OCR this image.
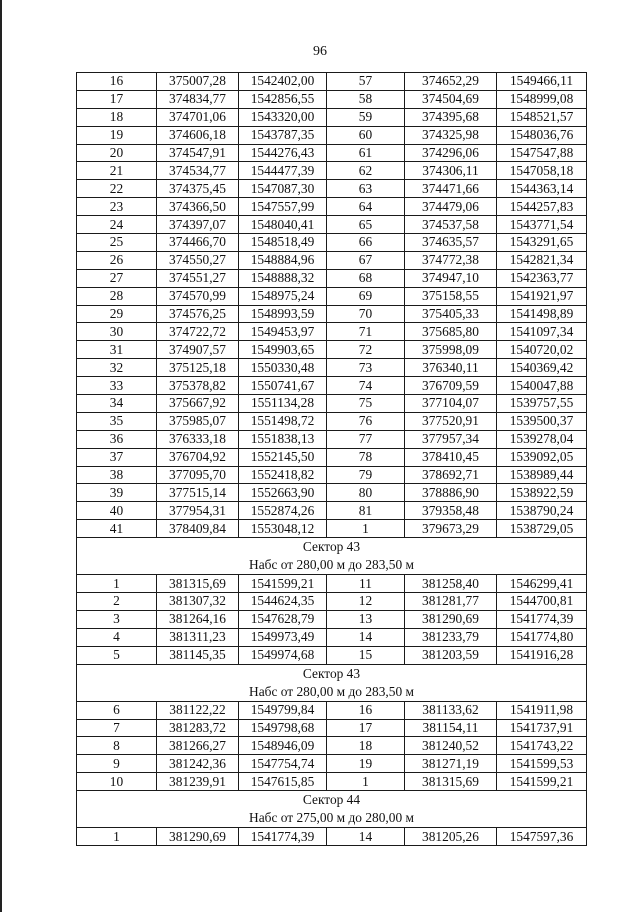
96
16	375007,28	1542402,00	57	374652,29	1549466,11
17	374834,77	1542856,55	58	374504,69	1548999,08
18	374701,06	1543320,00	59	374395,68	1548521,57
19	374606,18	1543787,35	60	374325,98	1548036,76
20	374547,91	1544276,43	61	374296,06	1547547,88
21	374534,77	1544477,39	62	374306,11	1547058,18
22	374375,45	1547087,30	63	374471,66	1544363,14
23	374366,50	1547557,99	64	374479,06	1544257,83
24	374397,07	1548040,41	65	374537,58	1543771,54
25	374466,70	1548518,49	66	374635,57	1543291,65
26	374550,27	1548884,96	67	374772,38	1542821,34
27	374551,27	1548888,32	68	374947,10	1542363,77
28	374570,99	1548975,24	69	375158,55	1541921,97
29	374576,25	1548993,59	70	375405,33	1541498,89
30	374722,72	1549453,97	71	375685,80	1541097,34
31	374907,57	1549903,65	72	375998,09	1540720,02
32	375125,18	1550330,48	73	376340,11	1540369,42
33	375378,82	1550741,67	74	376709,59	1540047,88
34	375667,92	1551134,28	75	377104,07	1539757,55
35	375985,07	1551498,72	76	377520,91	1539500,37
36	376333,18	1551838,13	77	377957,34	1539278,04
37	376704,92	1552145,50	78	378410,45	1539092,05
38	377095,70	1552418,82	79	378692,71	1538989,44
39	377515,14	1552663,90	80	378886,90	1538922,59
40	377954,31	1552874,26	81	379358,48	1538790,24
41	378409,84	1553048,12	1	379673,29	1538729,05
Сектор 43					
Набс от 280,00 м до 283,50 м					
1	381315,69	1541599,21	11	381258,40	1546299,41
2	381307,32	1544624,35	12	381281,77	1544700,81
3	381264,16	1547628,79	13	381290,69	1541774,39
4	381311,23	1549973,49	14	381233,79	1541774,80
5	381145,35	1549974,68	15	381203,59	1541916,28
Сектор 43					
Набс от 280,00 м до 283,50 м					
6	381122,22	1549799,84	16	381133,62	1541911,98
7	381283,72	1549798,68	17	381154,11	1541737,91
8	381266,27	1548946,09	18	381240,52	1541743,22
9	381242,36	1547754,74	19	381271,19	1541599,53
10	381239,91	1547615,85	1	381315,69	1541599,21
Сектор 44					
Набс от 275,00 м до 280,00 м					
1	381290,69	1541774,39	14	381205,26	1547597,36
